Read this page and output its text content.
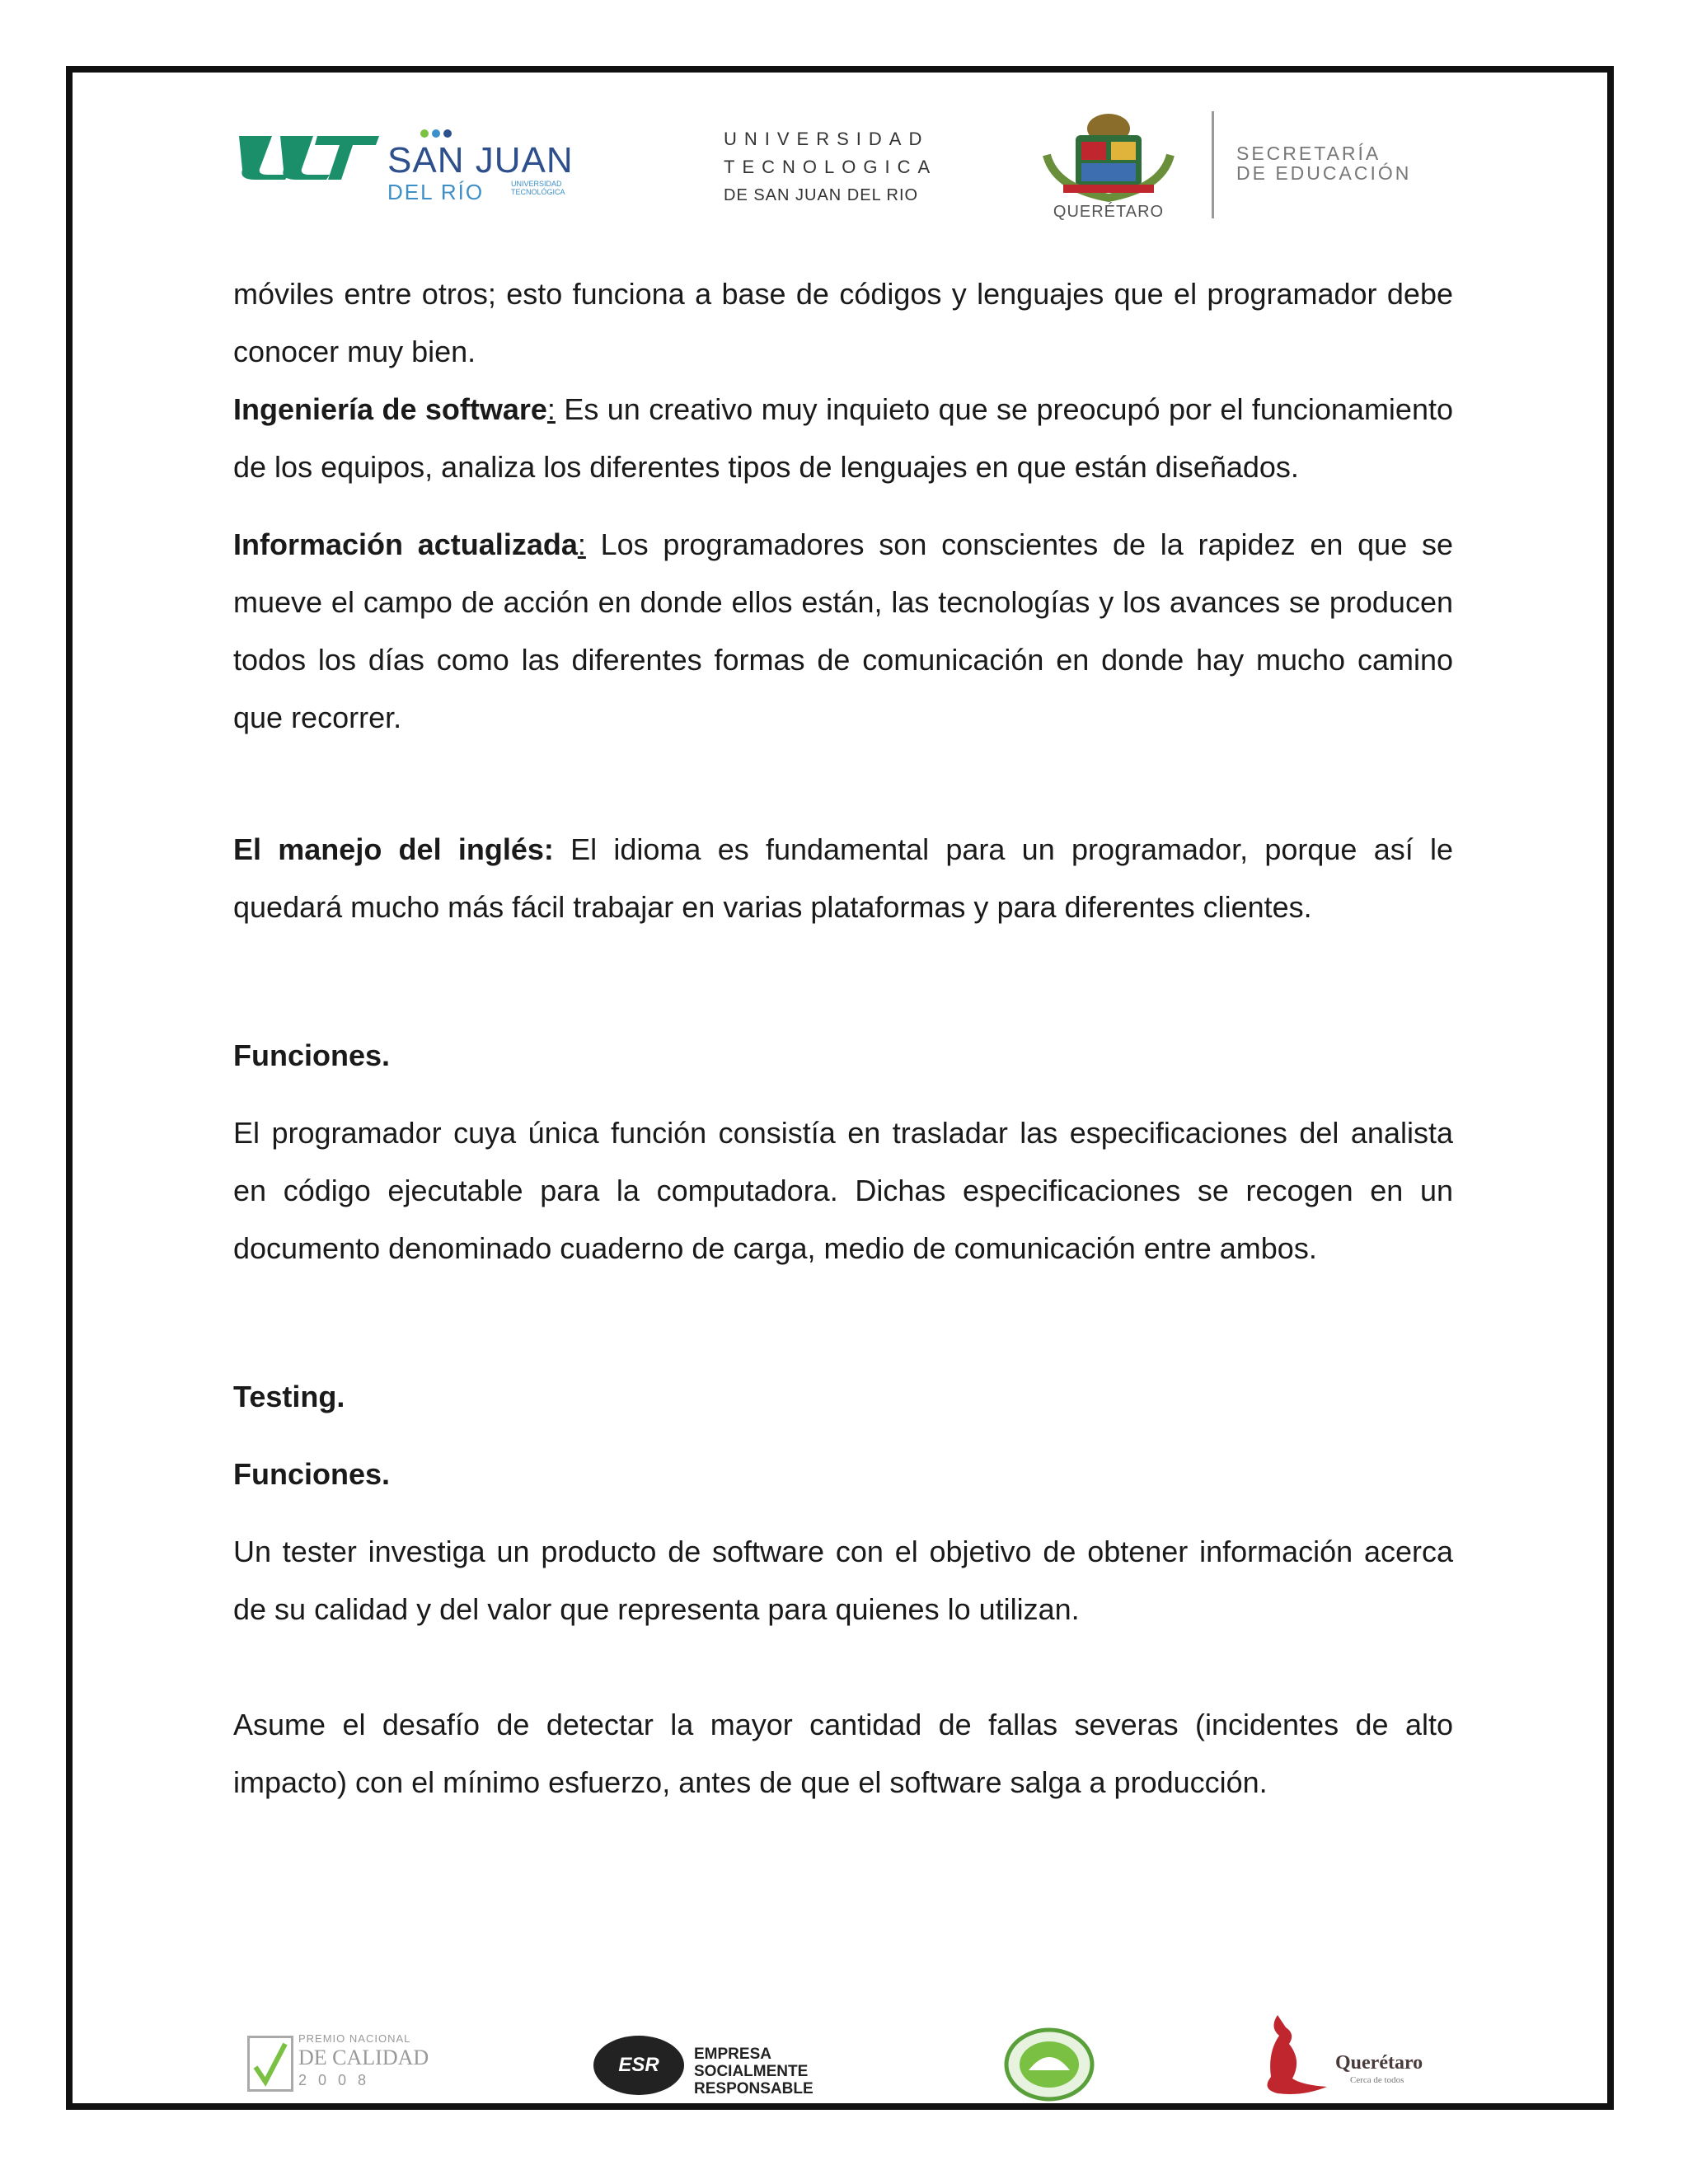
SAN JUAN
DEL RÍO	UNIVERSIDAD TECNOLÓGICA
UNIVERSIDAD
TECNOLOGICA
DE SAN JUAN DEL RIO
QUERÉTARO
SECRETARÍA
DE EDUCACIÓN

móviles entre otros; esto funciona a base de códigos y lenguajes que el programador debe conocer muy bien.

Ingeniería de software: Es un creativo muy inquieto que se preocupó por el funcionamiento de los equipos, analiza los diferentes tipos de lenguajes en que están diseñados.

Información actualizada: Los programadores son conscientes de la rapidez en que se mueve el campo de acción en donde ellos están, las tecnologías y los avances se producen todos los días como las diferentes formas de comunicación en donde hay mucho camino que recorrer.

El manejo del inglés: El idioma es fundamental para un programador, porque así le quedará mucho más fácil trabajar en varias plataformas y para diferentes clientes.

Funciones.

El programador cuya única función consistía en trasladar las especificaciones del analista en código ejecutable para la computadora. Dichas especificaciones se recogen en un documento denominado cuaderno de carga, medio de comunicación entre ambos.

Testing.

Funciones.

Un tester investiga un producto de software con el objetivo de obtener información acerca de su calidad y del valor que representa para quienes lo utilizan.

Asume el desafío de detectar la mayor cantidad de fallas severas (incidentes de alto impacto) con el mínimo esfuerzo, antes de que el software salga a producción.

PREMIO NACIONAL
DE CALIDAD
2008
ESR	EMPRESA
SOCIALMENTE
RESPONSABLE
Querétaro
Cerca de todos
